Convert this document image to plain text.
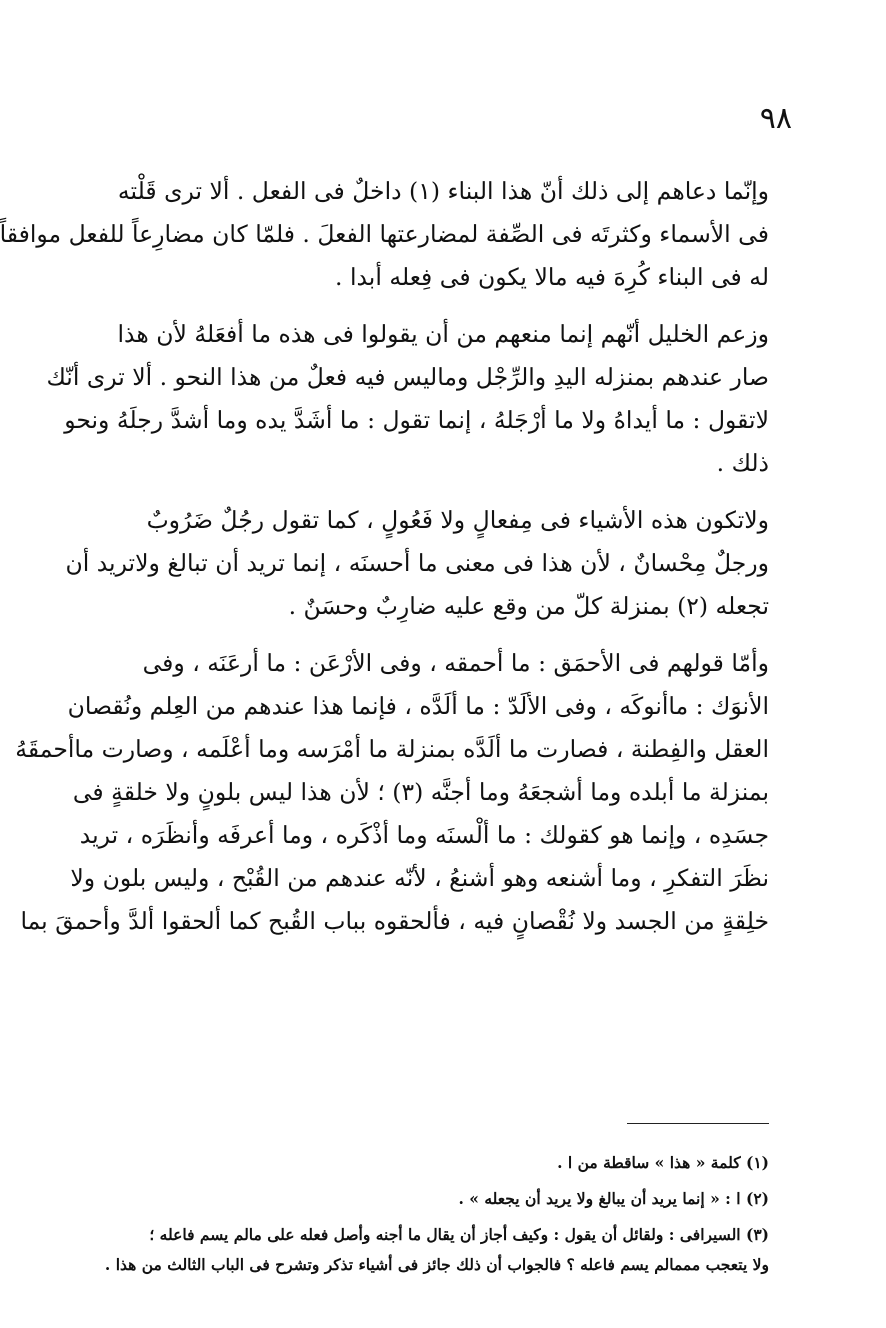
٩٨
وإنّما دعاهم إلى ذلك أنّ هذا البناء (١) داخلٌ فى الفعل . ألا ترى قَلْته
فى الأسماء وكثرتَه فى الصِّفة لمضارعتها الفعلَ . فلمّا كان مضارِعاً للفعل موافقاً
له فى البناء كُرِهَ فيه مالا يكون فى فِعله أبدا .
وزعم الخليل أنّهم إنما منعهم من أن يقولوا فى هذه ما أفعَلهُ لأن هذا
صار عندهم بمنزله اليدِ والرِّجْل وماليس فيه فعلٌ من هذا النحو . ألا ترى أنّك
لاتقول : ما أيداهُ ولا ما أرْجَلهُ ، إنما تقول : ما أشَدَّ يده وما أشدَّ رجلَهُ ونحو
ذلك .
ولاتكون هذه الأشياء فى مِفعالٍ ولا فَعُولٍ ، كما تقول رجُلٌ ضَرُوبٌ
ورجلٌ مِحْسانٌ ، لأن هذا فى معنى ما أحسنَه ، إنما تريد أن تبالغ ولاتريد أن
تجعله (٢) بمنزلة كلّ من وقع عليه ضارِبٌ وحسَنٌ .
وأمّا قولهم فى الأحمَق : ما أحمقه ، وفى الأرْعَن : ما أرعَنَه ، وفى
الأنوَك : ماأنوكَه ، وفى الألَدّ : ما ألَدَّه ، فإنما هذا عندهم من العِلم ونُقصان
العقل والفِطنة ، فصارت ما ألَدَّه بمنزلة ما أمْرَسه وما أعْلَمه ، وصارت ماأحمقَهُ
بمنزلة ما أبلده وما أشجعَهُ وما أجنَّه (٣) ؛ لأن هذا ليس بلونٍ ولا خلقةٍ فى
جسَدِه ، وإنما هو كقولك : ما ألْسنَه وما أذْكَره ، وما أعرفَه وأنظَرَه ، تريد
نظَرَ التفكرِ ، وما أشنعه وهو أشنعُ ، لأنّه عندهم من القُبْح ، وليس بلون ولا
خلِقةٍ من الجسد ولا نُقْصانٍ فيه ، فألحقوه بباب القُبح كما ألحقوا ألدَّ وأحمقَ بما
(١) كلمة « هذا » ساقطة من ا .
(٢) ا : « إنما يريد أن يبالغ ولا يريد أن يجعله » .
(٣) السيرافى : ولقائل أن يقول : وكيف أجاز أن يقال ما أجنه وأصل فعله على مالم يسم فاعله ؛
ولا يتعجب مممالم يسم فاعله ؟ فالجواب أن ذلك جائز فى أشياء تذكر وتشرح فى الباب الثالث من هذا .
